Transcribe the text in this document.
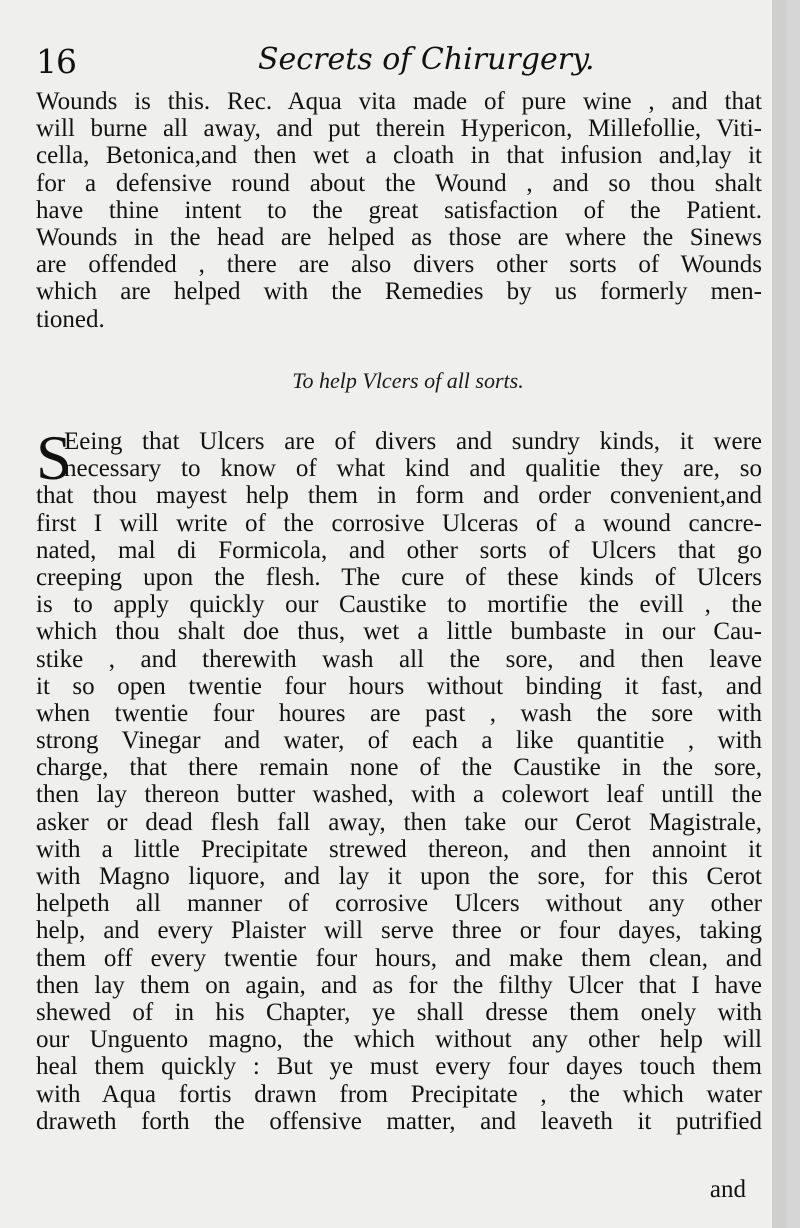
16	Secrets of Chirurgery.
Wounds is this. Rec. Aqua vita made of pure wine , and that
will burne all away, and put therein Hypericon, Millefollie, Viti-
cella, Betonica,and then wet a cloath in that infusion and,lay it
for a defensive round about the Wound , and so thou shalt
have thine intent to the great satisfaction of the Patient.
Wounds in the head are helped as those are where the Sinews
are offended , there are also divers other sorts of Wounds
which are helped with the Remedies by us formerly men-
tioned.
To help Vlcers of all sorts.
S
Eeing that Ulcers are of divers and sundry kinds, it were
necessary to know of what kind and qualitie they are, so
that thou mayest help them in form and order convenient,and
first I will write of the corrosive Ulceras of a wound cancre-
nated, mal di Formicola, and other sorts of Ulcers that go
creeping upon the flesh. The cure of these kinds of Ulcers
is to apply quickly our Caustike to mortifie the evill , the
which thou shalt doe thus, wet a little bumbaste in our Cau-
stike , and therewith wash all the sore, and then leave
it so open twentie four hours without binding it fast, and
when twentie four houres are past , wash the sore with
strong Vinegar and water, of each a like quantitie , with
charge, that there remain none of the Caustike in the sore,
then lay thereon butter washed, with a colewort leaf untill the
asker or dead flesh fall away, then take our Cerot Magistrale,
with a little Precipitate strewed thereon, and then annoint it
with Magno liquore, and lay it upon the sore, for this Cerot
helpeth all manner of corrosive Ulcers without any other
help, and every Plaister will serve three or four dayes, taking
them off every twentie four hours, and make them clean, and
then lay them on again, and as for the filthy Ulcer that I have
shewed of in his Chapter, ye shall dresse them onely with
our Unguento magno, the which without any other help will
heal them quickly : But ye must every four dayes touch them
with Aqua fortis drawn from Precipitate , the which water
draweth forth the offensive matter, and leaveth it putrified
and
